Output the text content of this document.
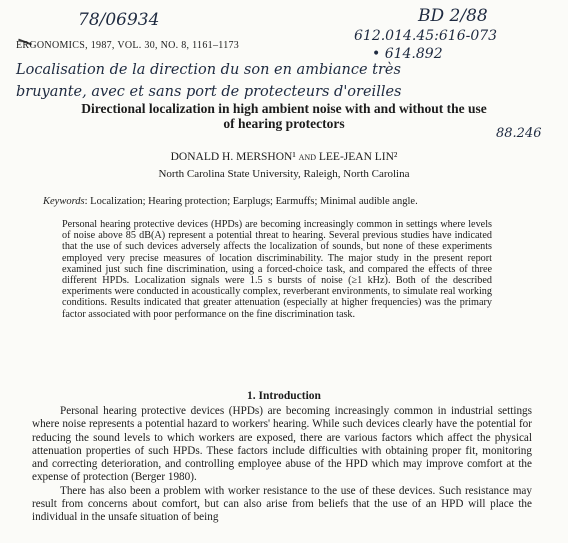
78/06934	BD 2/88
612.014.45:616-073
• 614.892
ERGONOMICS, 1987, VOL. 30, NO. 8, 1161–1173
Localisation de la direction du son en ambiance très
bruyante, avec et sans port de protecteurs d'oreilles
Directional localization in high ambient noise with and without the use
of hearing protectors
88.246
DONALD H. MERSHON¹ and LEE-JEAN LIN²
North Carolina State University, Raleigh, North Carolina
Keywords: Localization; Hearing protection; Earplugs; Earmuffs; Minimal audible angle.
Personal hearing protective devices (HPDs) are becoming increasingly common in settings where levels of noise above 85 dB(A) represent a potential threat to hearing. Several previous studies have indicated that the use of such devices adversely affects the localization of sounds, but none of these experiments employed very precise measures of location discriminability. The major study in the present report examined just such fine discrimination, using a forced-choice task, and compared the effects of three different HPDs. Localization signals were 1.5 s bursts of noise (≥1 kHz). Both of the described experiments were conducted in acoustically complex, reverberant environments, to simulate real working conditions. Results indicated that greater attenuation (especially at higher frequencies) was the primary factor associated with poor performance on the fine discrimination task.
1. Introduction

Personal hearing protective devices (HPDs) are becoming increasingly common in industrial settings where noise represents a potential hazard to workers' hearing. While such devices clearly have the potential for reducing the sound levels to which workers are exposed, there are various factors which affect the physical attenuation properties of such HPDs. These factors include difficulties with obtaining proper fit, monitoring and correcting deterioration, and controlling employee abuse of the HPD which may improve comfort at the expense of protection (Berger 1980).

There has also been a problem with worker resistance to the use of these devices. Such resistance may result from concerns about comfort, but can also arise from beliefs that the use of an HPD will place the individual in the unsafe situation of being
